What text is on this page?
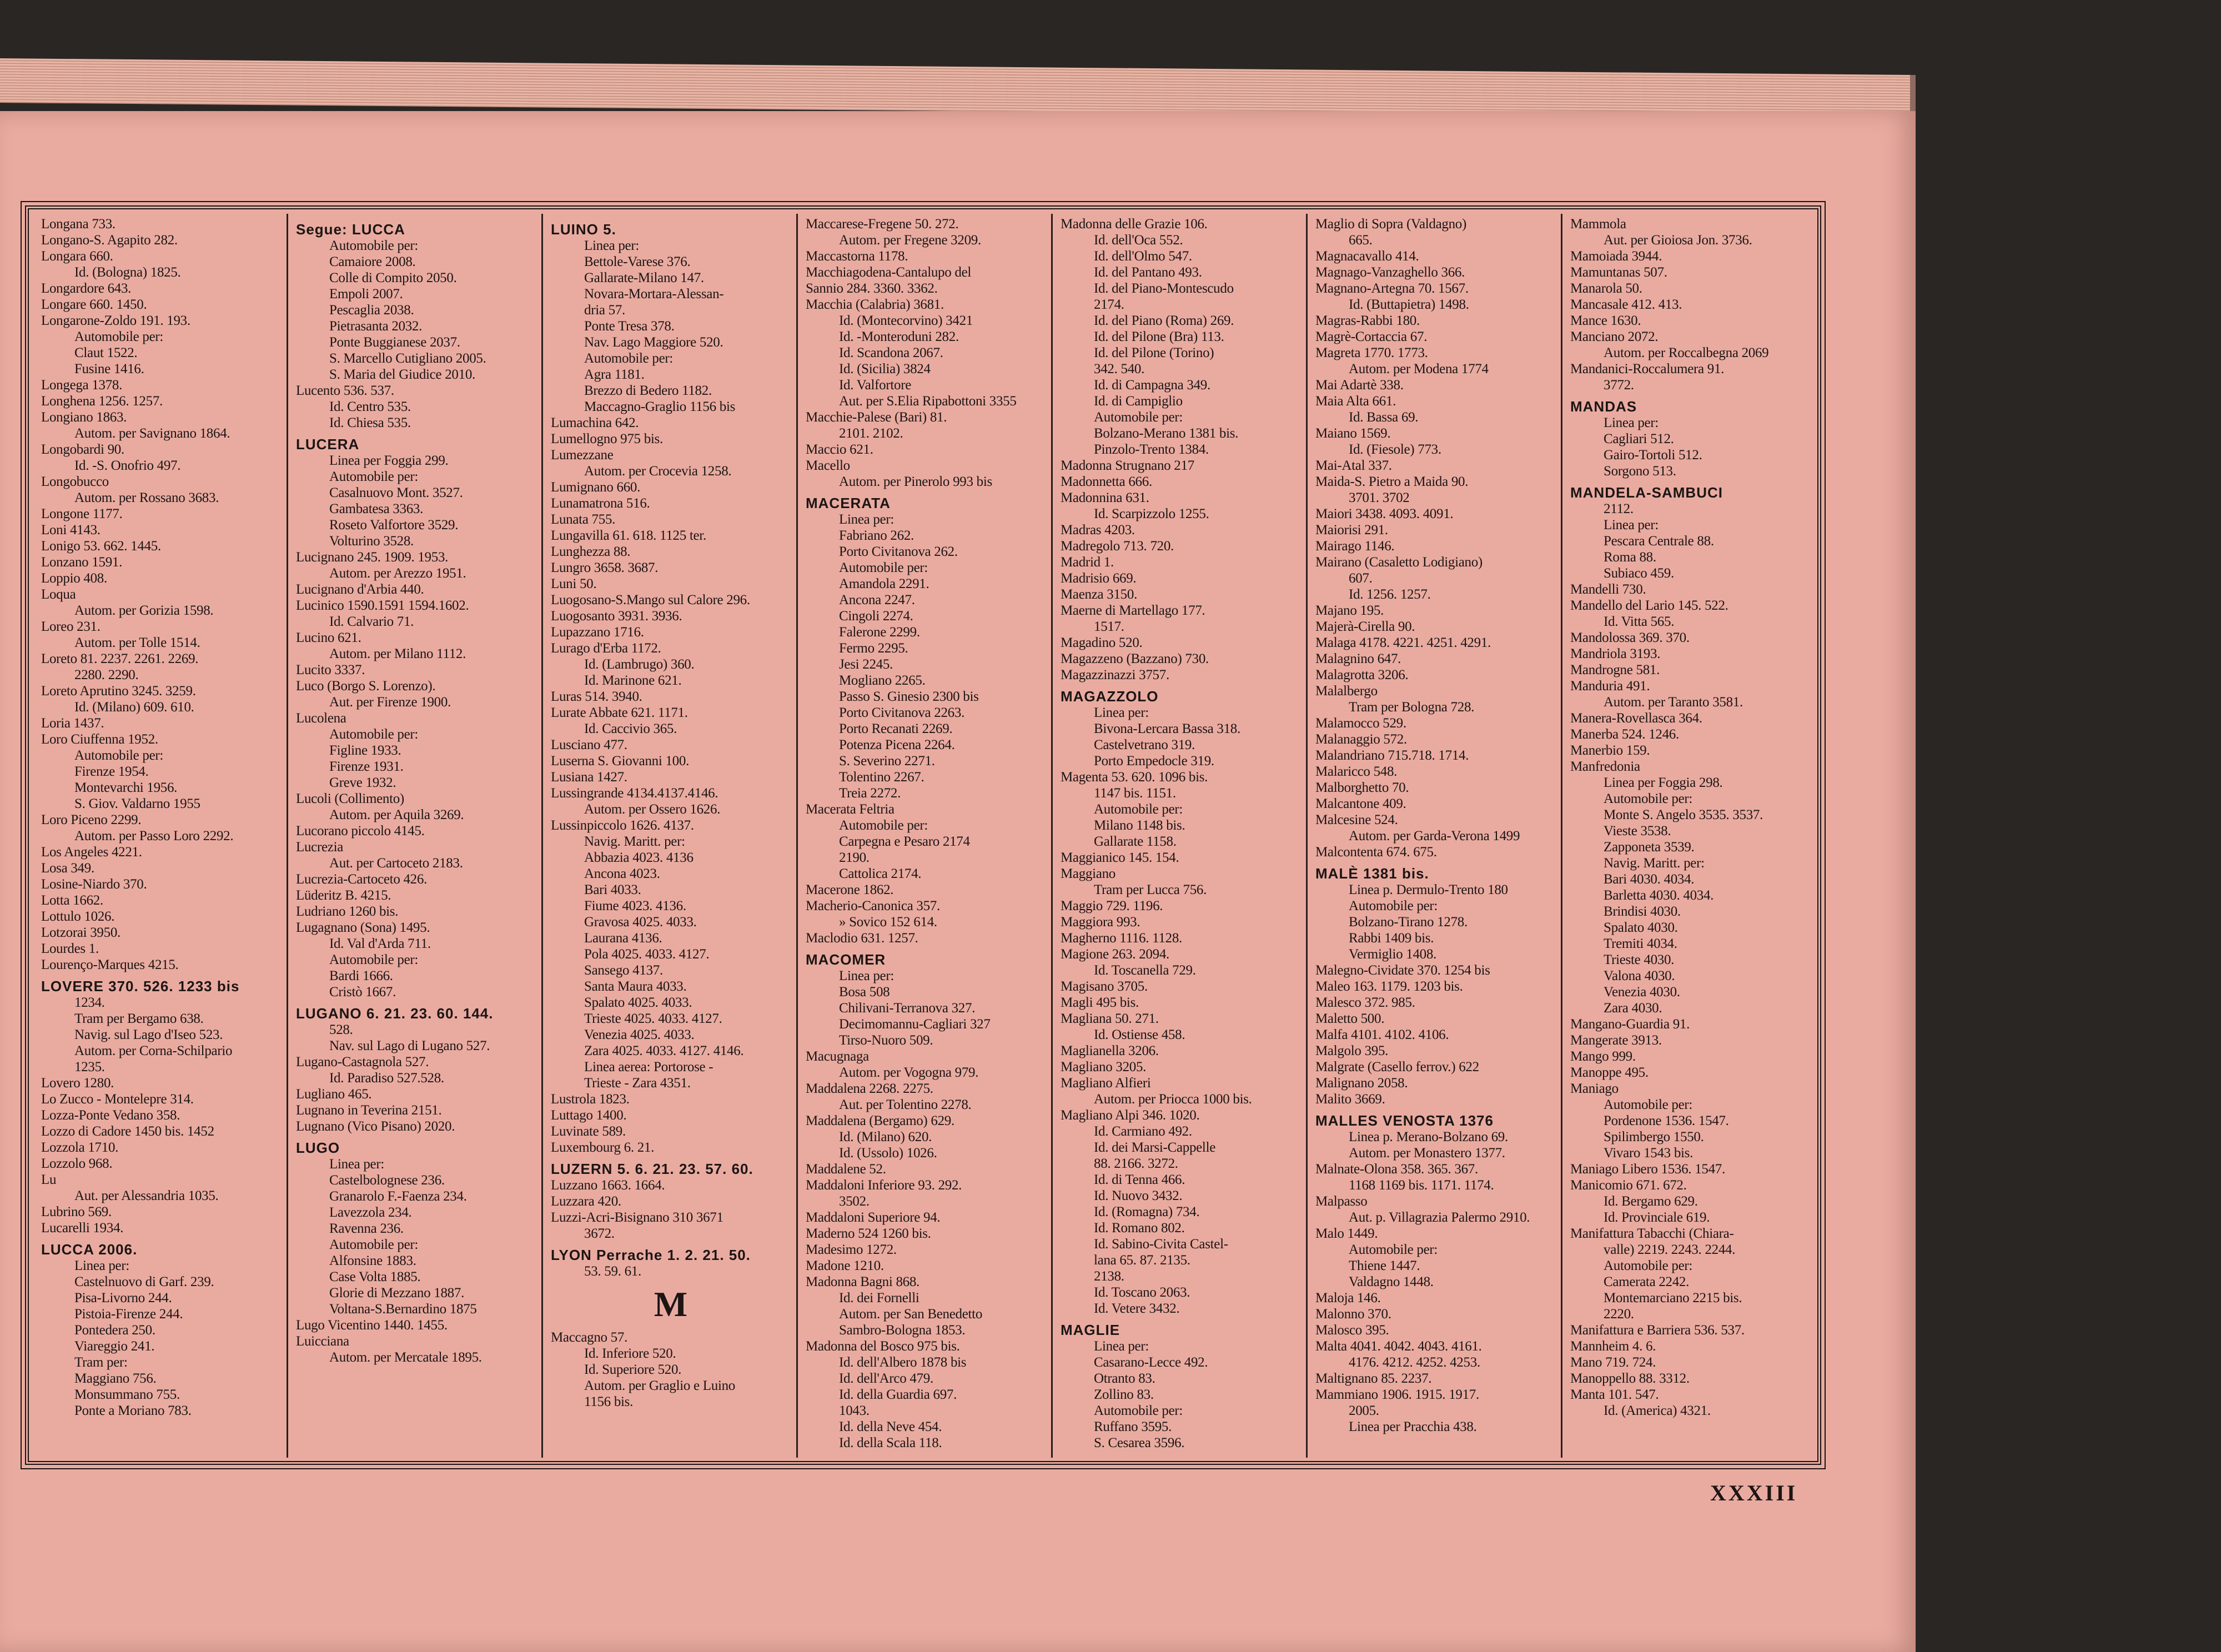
Longana 733.
Longano-S. Agapito 282.
Longara 660.
Id. (Bologna) 1825.
Longardore 643.
Longare 660. 1450.
Longarone-Zoldo 191. 193.
Automobile per:
Claut 1522.
Fusine 1416.
Longega 1378.
Longhena 1256. 1257.
Longiano 1863.
Autom. per Savignano 1864.
Longobardi 90.
Id. -S. Onofrio 497.
Longobucco
Autom. per Rossano 3683.
Longone 1177.
Loni 4143.
Lonigo 53. 662. 1445.
Lonzano 1591.
Loppio 408.
Loqua
Autom. per Gorizia 1598.
Loreo 231.
Autom. per Tolle 1514.
Loreto 81. 2237. 2261. 2269.
2280. 2290.
Loreto Aprutino 3245. 3259.
Id. (Milano) 609. 610.
Loria 1437.
Loro Ciuffenna 1952.
Automobile per:
Firenze 1954.
Montevarchi 1956.
S. Giov. Valdarno 1955
Loro Piceno 2299.
Autom. per Passo Loro 2292.
Los Angeles 4221.
Losa 349.
Losine-Niardo 370.
Lotta 1662.
Lottulo 1026.
Lotzorai 3950.
Lourdes 1.
Lourenço-Marques 4215.
LOVERE 370. 526. 1233 bis
1234.
Tram per Bergamo 638.
Navig. sul Lago d'Iseo 523.
Autom. per Corna-Schilpario
1235.
Lovero 1280.
Lo Zucco - Montelepre 314.
Lozza-Ponte Vedano 358.
Lozzo di Cadore 1450 bis. 1452
Lozzola 1710.
Lozzolo 968.
Lu
Aut. per Alessandria 1035.
Lubrino 569.
Lucarelli 1934.
LUCCA 2006.
Linea per:
Castelnuovo di Garf. 239.
Pisa-Livorno 244.
Pistoia-Firenze 244.
Pontedera 250.
Viareggio 241.
Tram per:
Maggiano 756.
Monsummano 755.
Ponte a Moriano 783.
Segue: LUCCA
Automobile per:
Camaiore 2008.
Colle di Compito 2050.
Empoli 2007.
Pescaglia 2038.
Pietrasanta 2032.
Ponte Buggianese 2037.
S. Marcello Cutigliano 2005.
S. Maria del Giudice 2010.
Lucento 536. 537.
Id. Centro 535.
Id. Chiesa 535.
LUCERA
Linea per Foggia 299.
Automobile per:
Casalnuovo Mont. 3527.
Gambatesa 3363.
Roseto Valfortore 3529.
Volturino 3528.
Lucignano 245. 1909. 1953.
Autom. per Arezzo 1951.
Lucignano d'Arbia 440.
Lucinico 1590.1591 1594.1602.
Id. Calvario 71.
Lucino 621.
Autom. per Milano 1112.
Lucito 3337.
Luco (Borgo S. Lorenzo).
Aut. per Firenze 1900.
Lucolena
Automobile per:
Figline 1933.
Firenze 1931.
Greve 1932.
Lucoli (Collimento)
Autom. per Aquila 3269.
Lucorano piccolo 4145.
Lucrezia
Aut. per Cartoceto 2183.
Lucrezia-Cartoceto 426.
Lüderitz B. 4215.
Ludriano 1260 bis.
Lugagnano (Sona) 1495.
Id. Val d'Arda 711.
Automobile per:
Bardi 1666.
Cristò 1667.
LUGANO 6. 21. 23. 60. 144.
528.
Nav. sul Lago di Lugano 527.
Lugano-Castagnola 527.
Id. Paradiso 527.528.
Lugliano 465.
Lugnano in Teverina 2151.
Lugnano (Vico Pisano) 2020.
LUGO
Linea per:
Castelbolognese 236.
Granarolo F.-Faenza 234.
Lavezzola 234.
Ravenna 236.
Automobile per:
Alfonsine 1883.
Case Volta 1885.
Glorie di Mezzano 1887.
Voltana-S.Bernardino 1875
Lugo Vicentino 1440. 1455.
Luicciana
Autom. per Mercatale 1895.
LUINO 5.
Linea per:
Bettole-Varese 376.
Gallarate-Milano 147.
Novara-Mortara-Alessan-
dria 57.
Ponte Tresa 378.
Nav. Lago Maggiore 520.
Automobile per:
Agra 1181.
Brezzo di Bedero 1182.
Maccagno-Graglio 1156 bis
Lumachina 642.
Lumellogno 975 bis.
Lumezzane
Autom. per Crocevia 1258.
Lumignano 660.
Lunamatrona 516.
Lunata 755.
Lungavilla 61. 618. 1125 ter.
Lunghezza 88.
Lungro 3658. 3687.
Luni 50.
Luogosano-S.Mango sul Calore 296.
Luogosanto 3931. 3936.
Lupazzano 1716.
Lurago d'Erba 1172.
Id. (Lambrugo) 360.
Id. Marinone 621.
Luras 514. 3940.
Lurate Abbate 621. 1171.
Id. Caccivio 365.
Lusciano 477.
Luserna S. Giovanni 100.
Lusiana 1427.
Lussingrande 4134.4137.4146.
Autom. per Ossero 1626.
Lussinpiccolo 1626. 4137.
Navig. Maritt. per:
Abbazia 4023. 4136
Ancona 4023.
Bari 4033.
Fiume 4023. 4136.
Gravosa 4025. 4033.
Laurana 4136.
Pola 4025. 4033. 4127.
Sansego 4137.
Santa Maura 4033.
Spalato 4025. 4033.
Trieste 4025. 4033. 4127.
Venezia 4025. 4033.
Zara 4025. 4033. 4127. 4146.
Linea aerea: Portorose -
Trieste - Zara 4351.
Lustrola 1823.
Luttago 1400.
Luvinate 589.
Luxembourg 6. 21.
LUZERN 5. 6. 21. 23. 57. 60.
Luzzano 1663. 1664.
Luzzara 420.
Luzzi-Acri-Bisignano 310 3671
3672.
LYON Perrache 1. 2. 21. 50.
53. 59. 61.
M
Maccagno 57.
Id. Inferiore 520.
Id. Superiore 520.
Autom. per Graglio e Luino
1156 bis.
Maccarese-Fregene 50. 272.
Autom. per Fregene 3209.
Maccastorna 1178.
Macchiagodena-Cantalupo del
Sannio 284. 3360. 3362.
Macchia (Calabria) 3681.
Id. (Montecorvino) 3421
Id. -Monteroduni 282.
Id. Scandona 2067.
Id. (Sicilia) 3824
Id. Valfortore
Aut. per S.Elia Ripabottoni 3355
Macchie-Palese (Bari) 81.
2101. 2102.
Maccio 621.
Macello
Autom. per Pinerolo 993 bis
MACERATA
Linea per:
Fabriano 262.
Porto Civitanova 262.
Automobile per:
Amandola 2291.
Ancona 2247.
Cingoli 2274.
Falerone 2299.
Fermo 2295.
Jesi 2245.
Mogliano 2265.
Passo S. Ginesio 2300 bis
Porto Civitanova 2263.
Porto Recanati 2269.
Potenza Picena 2264.
S. Severino 2271.
Tolentino 2267.
Treia 2272.
Macerata Feltria
Automobile per:
Carpegna e Pesaro 2174
2190.
Cattolica 2174.
Macerone 1862.
Macherio-Canonica 357.
» Sovico 152 614.
Maclodio 631. 1257.
MACOMER
Linea per:
Bosa 508
Chilivani-Terranova 327.
Decimomannu-Cagliari 327
Tirso-Nuoro 509.
Macugnaga
Autom. per Vogogna 979.
Maddalena 2268. 2275.
Aut. per Tolentino 2278.
Maddalena (Bergamo) 629.
Id. (Milano) 620.
Id. (Ussolo) 1026.
Maddalene 52.
Maddaloni Inferiore 93. 292.
3502.
Maddaloni Superiore 94.
Maderno 524 1260 bis.
Madesimo 1272.
Madone 1210.
Madonna Bagni 868.
Id. dei Fornelli
Autom. per San Benedetto
Sambro-Bologna 1853.
Madonna del Bosco 975 bis.
Id. dell'Albero 1878 bis
Id. dell'Arco 479.
Id. della Guardia 697.
1043.
Id. della Neve 454.
Id. della Scala 118.
Madonna delle Grazie 106.
Id. dell'Oca 552.
Id. dell'Olmo 547.
Id. del Pantano 493.
Id. del Piano-Montescudo
2174.
Id. del Piano (Roma) 269.
Id. del Pilone (Bra) 113.
Id. del Pilone (Torino)
342. 540.
Id. di Campagna 349.
Id. di Campiglio
Automobile per:
Bolzano-Merano 1381 bis.
Pinzolo-Trento 1384.
Madonna Strugnano 217
Madonnetta 666.
Madonnina 631.
Id. Scarpizzolo 1255.
Madras 4203.
Madregolo 713. 720.
Madrid 1.
Madrisio 669.
Maenza 3150.
Maerne di Martellago 177.
1517.
Magadino 520.
Magazzeno (Bazzano) 730.
Magazzinazzi 3757.
MAGAZZOLO
Linea per:
Bivona-Lercara Bassa 318.
Castelvetrano 319.
Porto Empedocle 319.
Magenta 53. 620. 1096 bis.
1147 bis. 1151.
Automobile per:
Milano 1148 bis.
Gallarate 1158.
Maggianico 145. 154.
Maggiano
Tram per Lucca 756.
Maggio 729. 1196.
Maggiora 993.
Magherno 1116. 1128.
Magione 263. 2094.
Id. Toscanella 729.
Magisano 3705.
Magli 495 bis.
Magliana 50. 271.
Id. Ostiense 458.
Maglianella 3206.
Magliano 3205.
Magliano Alfieri
Autom. per Priocca 1000 bis.
Magliano Alpi 346. 1020.
Id. Carmiano 492.
Id. dei Marsi-Cappelle
88. 2166. 3272.
Id. di Tenna 466.
Id. Nuovo 3432.
Id. (Romagna) 734.
Id. Romano 802.
Id. Sabino-Civita Castel-
lana 65. 87. 2135.
2138.
Id. Toscano 2063.
Id. Vetere 3432.
MAGLIE
Linea per:
Casarano-Lecce 492.
Otranto 83.
Zollino 83.
Automobile per:
Ruffano 3595.
S. Cesarea 3596.
Maglio di Sopra (Valdagno)
665.
Magnacavallo 414.
Magnago-Vanzaghello 366.
Magnano-Artegna 70. 1567.
Id. (Buttapietra) 1498.
Magras-Rabbi 180.
Magrè-Cortaccia 67.
Magreta 1770. 1773.
Autom. per Modena 1774
Mai Adartè 338.
Maia Alta 661.
Id. Bassa 69.
Maiano 1569.
Id. (Fiesole) 773.
Mai-Atal 337.
Maida-S. Pietro a Maida 90.
3701. 3702
Maiori 3438. 4093. 4091.
Maiorisi 291.
Mairago 1146.
Mairano (Casaletto Lodigiano)
607.
Id. 1256. 1257.
Majano 195.
Majerà-Cirella 90.
Malaga 4178. 4221. 4251. 4291.
Malagnino 647.
Malagrotta 3206.
Malalbergo
Tram per Bologna 728.
Malamocco 529.
Malanaggio 572.
Malandriano 715.718. 1714.
Malaricco 548.
Malborghetto 70.
Malcantone 409.
Malcesine 524.
Autom. per Garda-Verona 1499
Malcontenta 674. 675.
MALÈ 1381 bis.
Linea p. Dermulo-Trento 180
Automobile per:
Bolzano-Tirano 1278.
Rabbi 1409 bis.
Vermiglio 1408.
Malegno-Cividate 370. 1254 bis
Maleo 163. 1179. 1203 bis.
Malesco 372. 985.
Maletto 500.
Malfa 4101. 4102. 4106.
Malgolo 395.
Malgrate (Casello ferrov.) 622
Malignano 2058.
Malito 3669.
MALLES VENOSTA 1376
Linea p. Merano-Bolzano 69.
Autom. per Monastero 1377.
Malnate-Olona 358. 365. 367.
1168 1169 bis. 1171. 1174.
Malpasso
Aut. p. Villagrazia Palermo 2910.
Malo 1449.
Automobile per:
Thiene 1447.
Valdagno 1448.
Maloja 146.
Malonno 370.
Malosco 395.
Malta 4041. 4042. 4043. 4161.
4176. 4212. 4252. 4253.
Maltignano 85. 2237.
Mammiano 1906. 1915. 1917.
2005.
Linea per Pracchia 438.
Mammola
Aut. per Gioiosa Jon. 3736.
Mamoiada 3944.
Mamuntanas 507.
Manarola 50.
Mancasale 412. 413.
Mance 1630.
Manciano 2072.
Autom. per Roccalbegna 2069
Mandanici-Roccalumera 91.
3772.
MANDAS
Linea per:
Cagliari 512.
Gairo-Tortoli 512.
Sorgono 513.
MANDELA-SAMBUCI
2112.
Linea per:
Pescara Centrale 88.
Roma 88.
Subiaco 459.
Mandelli 730.
Mandello del Lario 145. 522.
Id. Vitta 565.
Mandolossa 369. 370.
Mandriola 3193.
Mandrogne 581.
Manduria 491.
Autom. per Taranto 3581.
Manera-Rovellasca 364.
Manerba 524. 1246.
Manerbio 159.
Manfredonia
Linea per Foggia 298.
Automobile per:
Monte S. Angelo 3535. 3537.
Vieste 3538.
Zapponeta 3539.
Navig. Maritt. per:
Bari 4030. 4034.
Barletta 4030. 4034.
Brindisi 4030.
Spalato 4030.
Tremiti 4034.
Trieste 4030.
Valona 4030.
Venezia 4030.
Zara 4030.
Mangano-Guardia 91.
Mangerate 3913.
Mango 999.
Manoppe 495.
Maniago
Automobile per:
Pordenone 1536. 1547.
Spilimbergo 1550.
Vivaro 1543 bis.
Maniago Libero 1536. 1547.
Manicomio 671. 672.
Id. Bergamo 629.
Id. Provinciale 619.
Manifattura Tabacchi (Chiara-
valle) 2219. 2243. 2244.
Automobile per:
Camerata 2242.
Montemarciano 2215 bis.
2220.
Manifattura e Barriera 536. 537.
Mannheim 4. 6.
Mano 719. 724.
Manoppello 88. 3312.
Manta 101. 547.
Id. (America) 4321.
XXXIII
